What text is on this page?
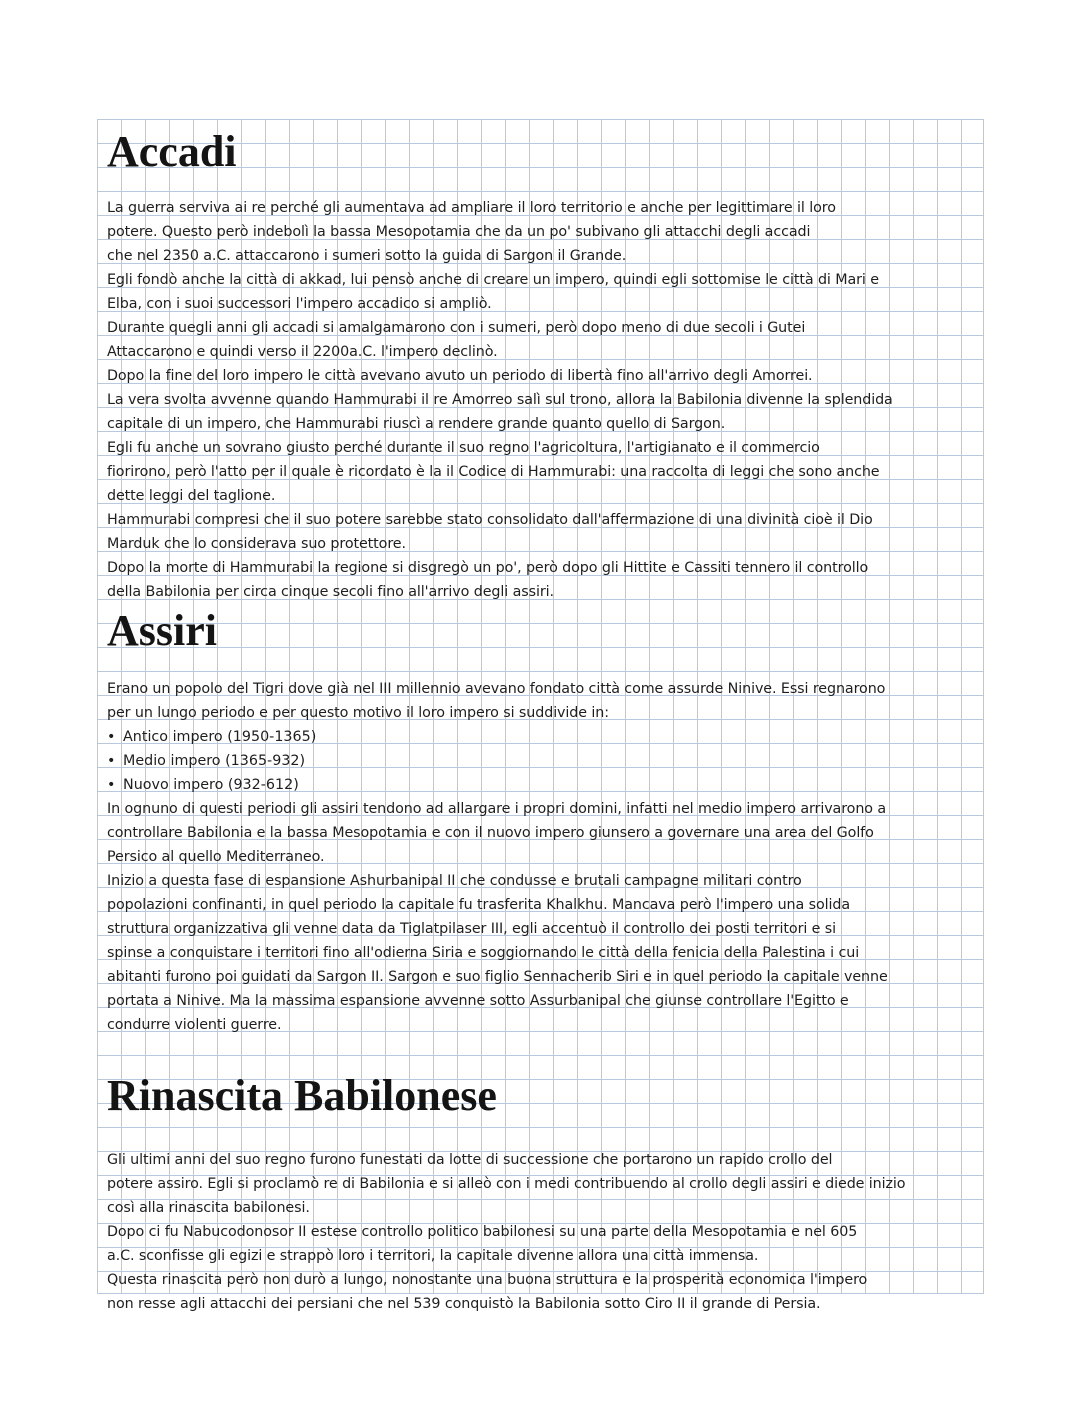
Accadi

La guerra serviva ai re perché gli aumentava ad ampliare il loro territorio e anche per legittimare il loro
potere. Questo però indebolì la bassa Mesopotamia che da un po' subivano gli attacchi degli accadi
che nel 2350 a.C. attaccarono i sumeri sotto la guida di Sargon il Grande.

Egli fondò anche la città di akkad, lui pensò anche di creare un impero, quindi egli sottomise le città di Mari e
Elba, con i suoi successori l'impero accadico si ampliò.

Durante quegli anni gli accadi si amalgamarono con i sumeri, però dopo meno di due secoli i Gutei
Attaccarono e quindi verso il 2200a.C. l'impero declinò.

Dopo la fine del loro impero le città avevano avuto un periodo di libertà fino all'arrivo degli Amorrei.

La vera svolta avvenne quando Hammurabi il re Amorreo salì sul trono, allora la Babilonia divenne la splendida
capitale di un impero, che Hammurabi riuscì a rendere grande quanto quello di Sargon.

Egli fu anche un sovrano giusto perché durante il suo regno l'agricoltura, l'artigianato e il commercio
fiorirono, però l'atto per il quale è ricordato è la il Codice di Hammurabi: una raccolta di leggi che sono anche
dette leggi del taglione.

Hammurabi compresi che il suo potere sarebbe stato consolidato dall'affermazione di una divinità cioè il Dio
Marduk che lo considerava suo protettore.

Dopo la morte di Hammurabi la regione si disgregò un po', però dopo gli Hittite e Cassiti tennero il controllo
della Babilonia per circa cinque secoli fino all'arrivo degli assiri.

Assiri

Erano un popolo del Tigri dove già nel III millennio avevano fondato città come assurde Ninive. Essi regnarono
per un lungo periodo e per questo motivo il loro impero si suddivide in:

• Antico impero (1950-1365)
• Medio impero (1365-932)
• Nuovo impero (932-612)

In ognuno di questi periodi gli assiri tendono ad allargare i propri domini, infatti nel medio impero arrivarono a
controllare Babilonia e la bassa Mesopotamia e con il nuovo impero giunsero a governare una area del Golfo
Persico al quello Mediterraneo.

Inizio a questa fase di espansione Ashurbanipal II che condusse e brutali campagne militari contro
popolazioni confinanti, in quel periodo la capitale fu trasferita Khalkhu. Mancava però l'impero una solida
struttura organizzativa gli venne data da Tiglatpilaser III, egli accentuò il controllo dei posti territori e si
spinse a conquistare i territori fino all'odierna Siria e soggiornando le città della fenicia della Palestina i cui
abitanti furono poi guidati da Sargon II. Sargon e suo figlio Sennacherib Siri e in quel periodo la capitale venne
portata a Ninive. Ma la massima espansione avvenne sotto Assurbanipal che giunse controllare l'Egitto e
condurre violenti guerre.

Rinascita Babilonese

Gli ultimi anni del suo regno furono funestati da lotte di successione che portarono un rapido crollo del
potere assiro. Egli si proclamò re di Babilonia e si alleò con i medi contribuendo al crollo degli assiri e diede inizio
così alla rinascita babilonesi.

Dopo ci fu Nabucodonosor II estese controllo politico babilonesi su una parte della Mesopotamia e nel 605
a.C. sconfisse gli egizi e strappò loro i territori, la capitale divenne allora una città immensa.

Questa rinascita però non durò a lungo, nonostante una buona struttura e la prosperità economica l'impero
non resse agli attacchi dei persiani che nel 539 conquistò la Babilonia sotto Ciro II il grande di Persia.
